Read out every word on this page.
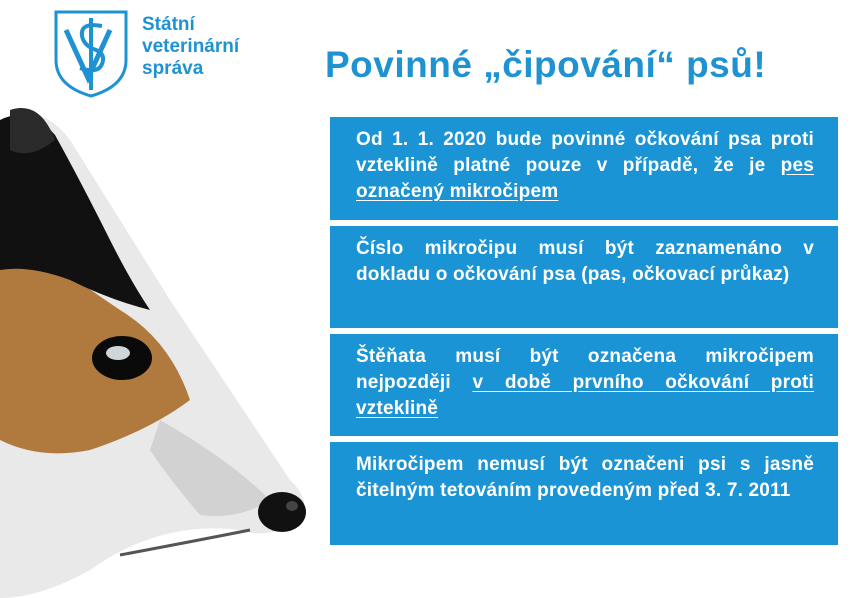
Státní
veterinární
správa	Povinné „čipování“ psů!
Od 1. 1. 2020 bude povinné očkování psa proti vzteklině platné pouze v případě, že je pes označený mikročipem
Číslo mikročipu musí být zaznamenáno v dokladu o očkování psa (pas, očkovací průkaz)
Štěňata musí být označena mikročipem nejpozději v době prvního očkování proti vzteklině
Mikročipem nemusí být označeni psi s jasně čitelným tetováním provedeným před 3. 7. 2011
